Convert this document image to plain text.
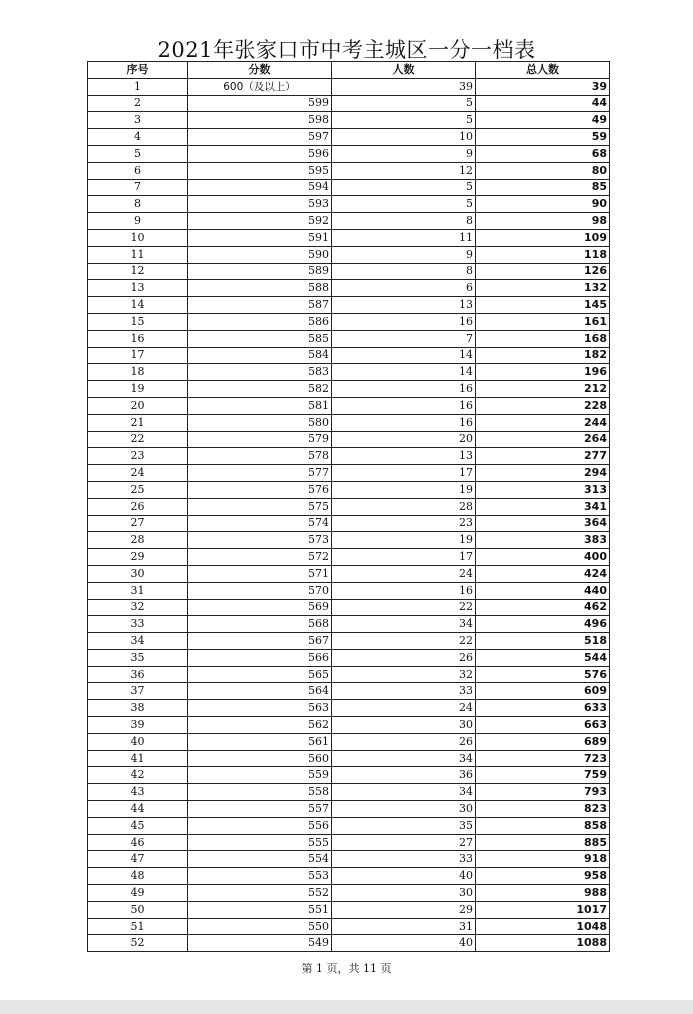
2021年张家口市中考主城区一分一档表
序号	分数	人数	总人数
1	600（及以上）	39	39
2	599	5	44
3	598	5	49
4	597	10	59
5	596	9	68
6	595	12	80
7	594	5	85
8	593	5	90
9	592	8	98
10	591	11	109
11	590	9	118
12	589	8	126
13	588	6	132
14	587	13	145
15	586	16	161
16	585	7	168
17	584	14	182
18	583	14	196
19	582	16	212
20	581	16	228
21	580	16	244
22	579	20	264
23	578	13	277
24	577	17	294
25	576	19	313
26	575	28	341
27	574	23	364
28	573	19	383
29	572	17	400
30	571	24	424
31	570	16	440
32	569	22	462
33	568	34	496
34	567	22	518
35	566	26	544
36	565	32	576
37	564	33	609
38	563	24	633
39	562	30	663
40	561	26	689
41	560	34	723
42	559	36	759
43	558	34	793
44	557	30	823
45	556	35	858
46	555	27	885
47	554	33	918
48	553	40	958
49	552	30	988
50	551	29	1017
51	550	31	1048
52	549	40	1088
第 1 页，共 11 页
